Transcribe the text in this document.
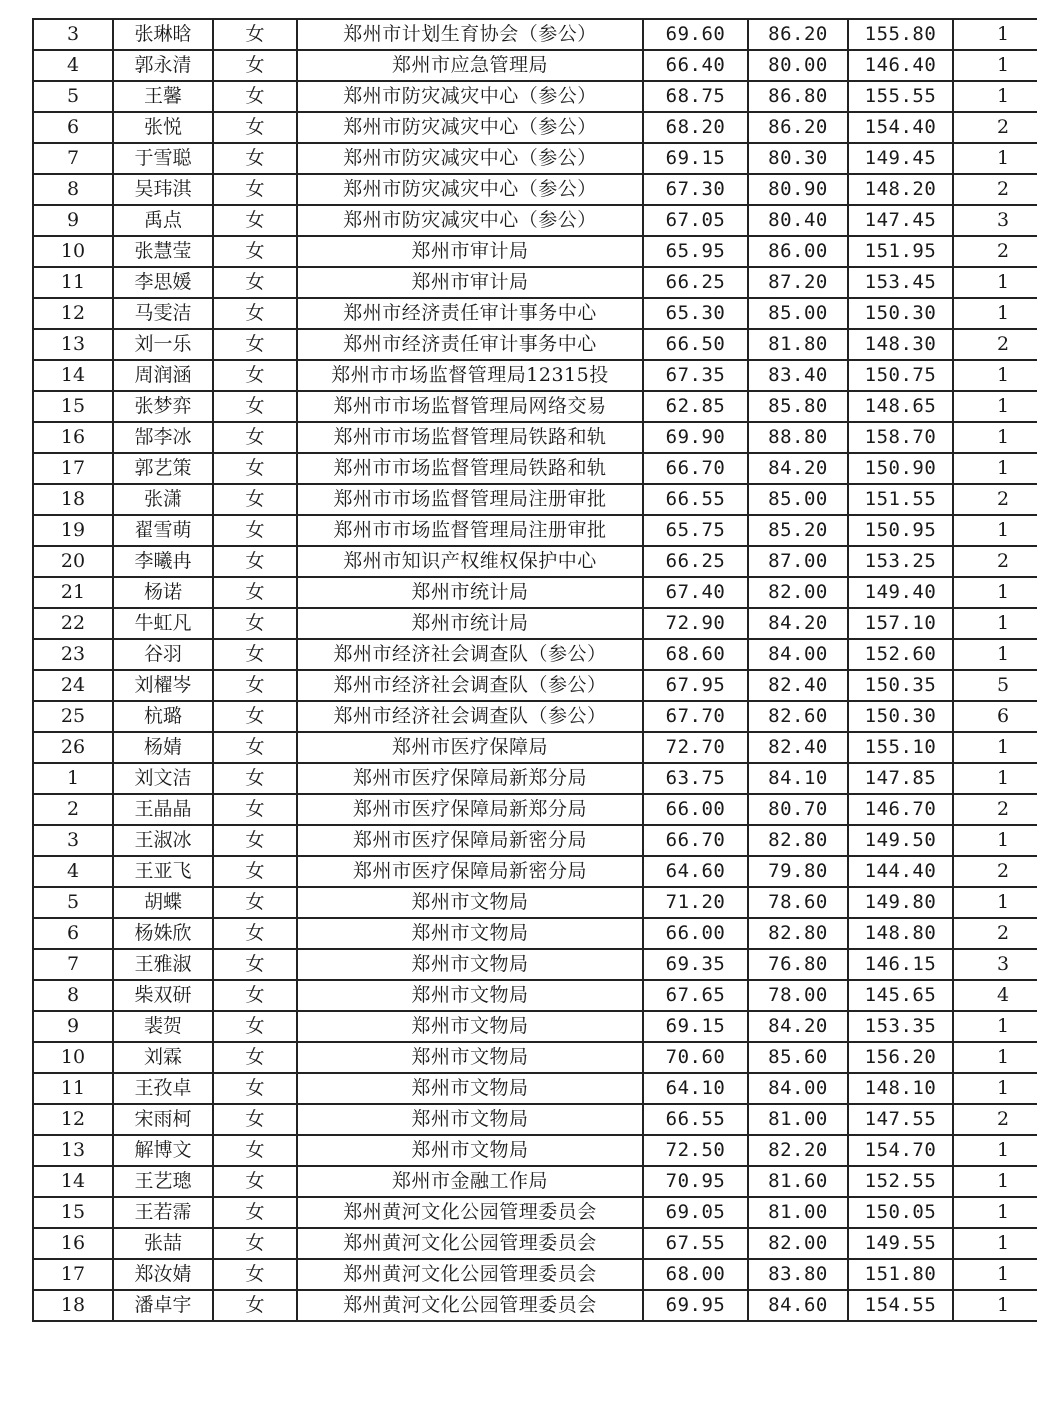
3	张琳晗	女	郑州市计划生育协会（参公）	69.60	86.20	155.80	1
4	郭永清	女	郑州市应急管理局	66.40	80.00	146.40	1
5	王馨	女	郑州市防灾减灾中心（参公）	68.75	86.80	155.55	1
6	张悦	女	郑州市防灾减灾中心（参公）	68.20	86.20	154.40	2
7	于雪聪	女	郑州市防灾减灾中心（参公）	69.15	80.30	149.45	1
8	吴玮淇	女	郑州市防灾减灾中心（参公）	67.30	80.90	148.20	2
9	禹点	女	郑州市防灾减灾中心（参公）	67.05	80.40	147.45	3
10	张慧莹	女	郑州市审计局	65.95	86.00	151.95	2
11	李思媛	女	郑州市审计局	66.25	87.20	153.45	1
12	马雯洁	女	郑州市经济责任审计事务中心	65.30	85.00	150.30	1
13	刘一乐	女	郑州市经济责任审计事务中心	66.50	81.80	148.30	2
14	周润涵	女	郑州市市场监督管理局12315投	67.35	83.40	150.75	1
15	张梦弈	女	郑州市市场监督管理局网络交易	62.85	85.80	148.65	1
16	郜李冰	女	郑州市市场监督管理局铁路和轨	69.90	88.80	158.70	1
17	郭艺策	女	郑州市市场监督管理局铁路和轨	66.70	84.20	150.90	1
18	张潇	女	郑州市市场监督管理局注册审批	66.55	85.00	151.55	2
19	翟雪萌	女	郑州市市场监督管理局注册审批	65.75	85.20	150.95	1
20	李曦冉	女	郑州市知识产权维权保护中心	66.25	87.00	153.25	2
21	杨诺	女	郑州市统计局	67.40	82.00	149.40	1
22	牛虹凡	女	郑州市统计局	72.90	84.20	157.10	1
23	谷羽	女	郑州市经济社会调查队（参公）	68.60	84.00	152.60	1
24	刘櫂岑	女	郑州市经济社会调查队（参公）	67.95	82.40	150.35	5
25	杭璐	女	郑州市经济社会调查队（参公）	67.70	82.60	150.30	6
26	杨婧	女	郑州市医疗保障局	72.70	82.40	155.10	1
1	刘文洁	女	郑州市医疗保障局新郑分局	63.75	84.10	147.85	1
2	王晶晶	女	郑州市医疗保障局新郑分局	66.00	80.70	146.70	2
3	王淑冰	女	郑州市医疗保障局新密分局	66.70	82.80	149.50	1
4	王亚飞	女	郑州市医疗保障局新密分局	64.60	79.80	144.40	2
5	胡蝶	女	郑州市文物局	71.20	78.60	149.80	1
6	杨姝欣	女	郑州市文物局	66.00	82.80	148.80	2
7	王雅淑	女	郑州市文物局	69.35	76.80	146.15	3
8	柴双研	女	郑州市文物局	67.65	78.00	145.65	4
9	裴贺	女	郑州市文物局	69.15	84.20	153.35	1
10	刘霖	女	郑州市文物局	70.60	85.60	156.20	1
11	王孜卓	女	郑州市文物局	64.10	84.00	148.10	1
12	宋雨柯	女	郑州市文物局	66.55	81.00	147.55	2
13	解博文	女	郑州市文物局	72.50	82.20	154.70	1
14	王艺璁	女	郑州市金融工作局	70.95	81.60	152.55	1
15	王若霈	女	郑州黄河文化公园管理委员会	69.05	81.00	150.05	1
16	张喆	女	郑州黄河文化公园管理委员会	67.55	82.00	149.55	1
17	郑汝婧	女	郑州黄河文化公园管理委员会	68.00	83.80	151.80	1
18	潘卓宇	女	郑州黄河文化公园管理委员会	69.95	84.60	154.55	1
